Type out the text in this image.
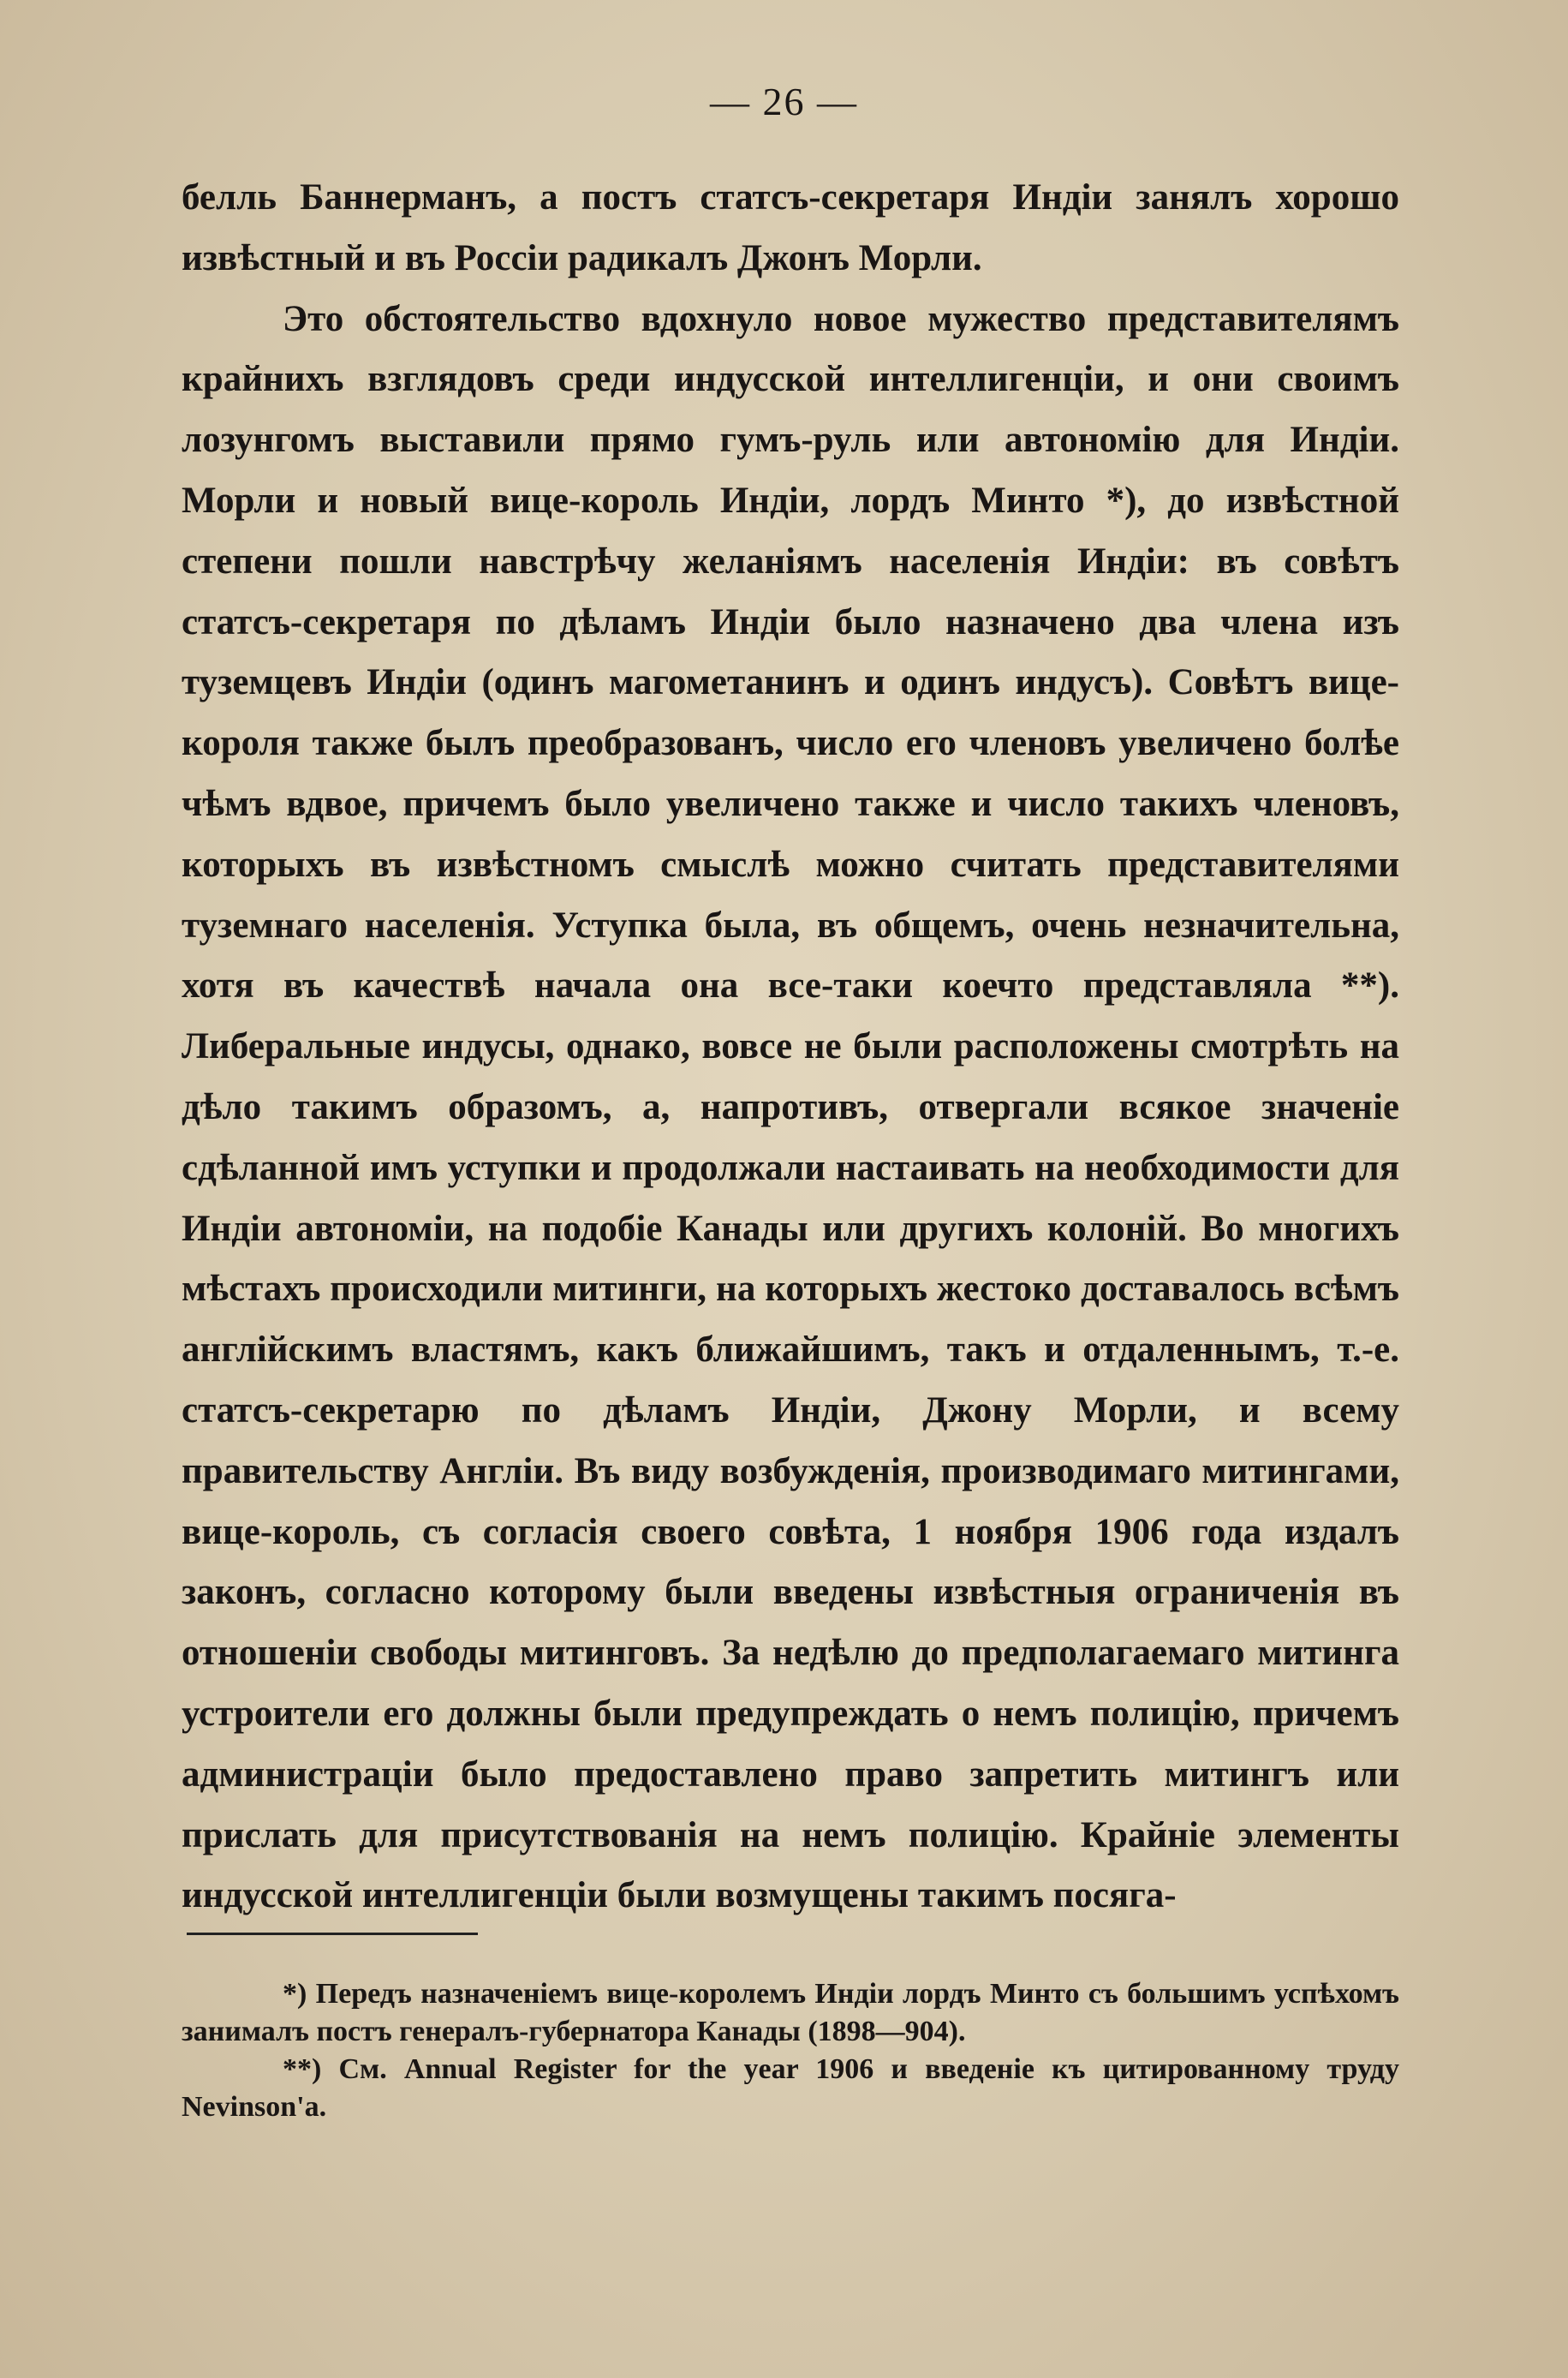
— 26 —

белль Баннерманъ, а постъ статсъ-секретаря Индіи занялъ хорошо извѣстный и въ Россіи радикалъ Джонъ Морли.

Это обстоятельство вдохнуло новое мужество представителямъ крайнихъ взглядовъ среди индусской интеллигенціи, и они своимъ лозунгомъ выставили прямо гумъ-руль или автономію для Индіи. Морли и новый вице-король Индіи, лордъ Минто *), до извѣстной степени пошли навстрѣчу желаніямъ населенія Индіи: въ совѣтъ статсъ-секретаря по дѣламъ Индіи было назначено два члена изъ туземцевъ Индіи (одинъ магометанинъ и одинъ индусъ). Совѣтъ вице-короля также былъ преобразованъ, число его членовъ увеличено болѣе чѣмъ вдвое, причемъ было увеличено также и число такихъ членовъ, которыхъ въ извѣстномъ смыслѣ можно считать представителями туземнаго населенія. Уступка была, въ общемъ, очень незначительна, хотя въ качествѣ начала она все-таки коечто представляла **). Либеральные индусы, однако, вовсе не были расположены смотрѣть на дѣло такимъ образомъ, а, напротивъ, отвергали всякое значеніе сдѣланной имъ уступки и продолжали настаивать на необходимости для Индіи автономіи, на подобіе Канады или другихъ колоній. Во многихъ мѣстахъ происходили митинги, на которыхъ жестоко доставалось всѣмъ англійскимъ властямъ, какъ ближайшимъ, такъ и отдаленнымъ, т.-е. статсъ-секретарю по дѣламъ Индіи, Джону Морли, и всему правительству Англіи. Въ виду возбужденія, производимаго митингами, вице-король, съ согласія своего совѣта, 1 ноября 1906 года издалъ законъ, согласно которому были введены извѣстныя ограниченія въ отношеніи свободы митинговъ. За недѣлю до предполагаемаго митинга устроители его должны были предупреждать о немъ полицію, причемъ администраціи было предоставлено право запретить митингъ или прислать для присутствованія на немъ полицію. Крайніе элементы индусской интеллигенціи были возмущены такимъ посяга-

*) Передъ назначеніемъ вице-королемъ Индіи лордъ Минто съ большимъ успѣхомъ занималъ постъ генералъ-губернатора Канады (1898—904).

**) См. Annual Register for the year 1906 и введеніе къ цитированному труду Nevinson'a.
